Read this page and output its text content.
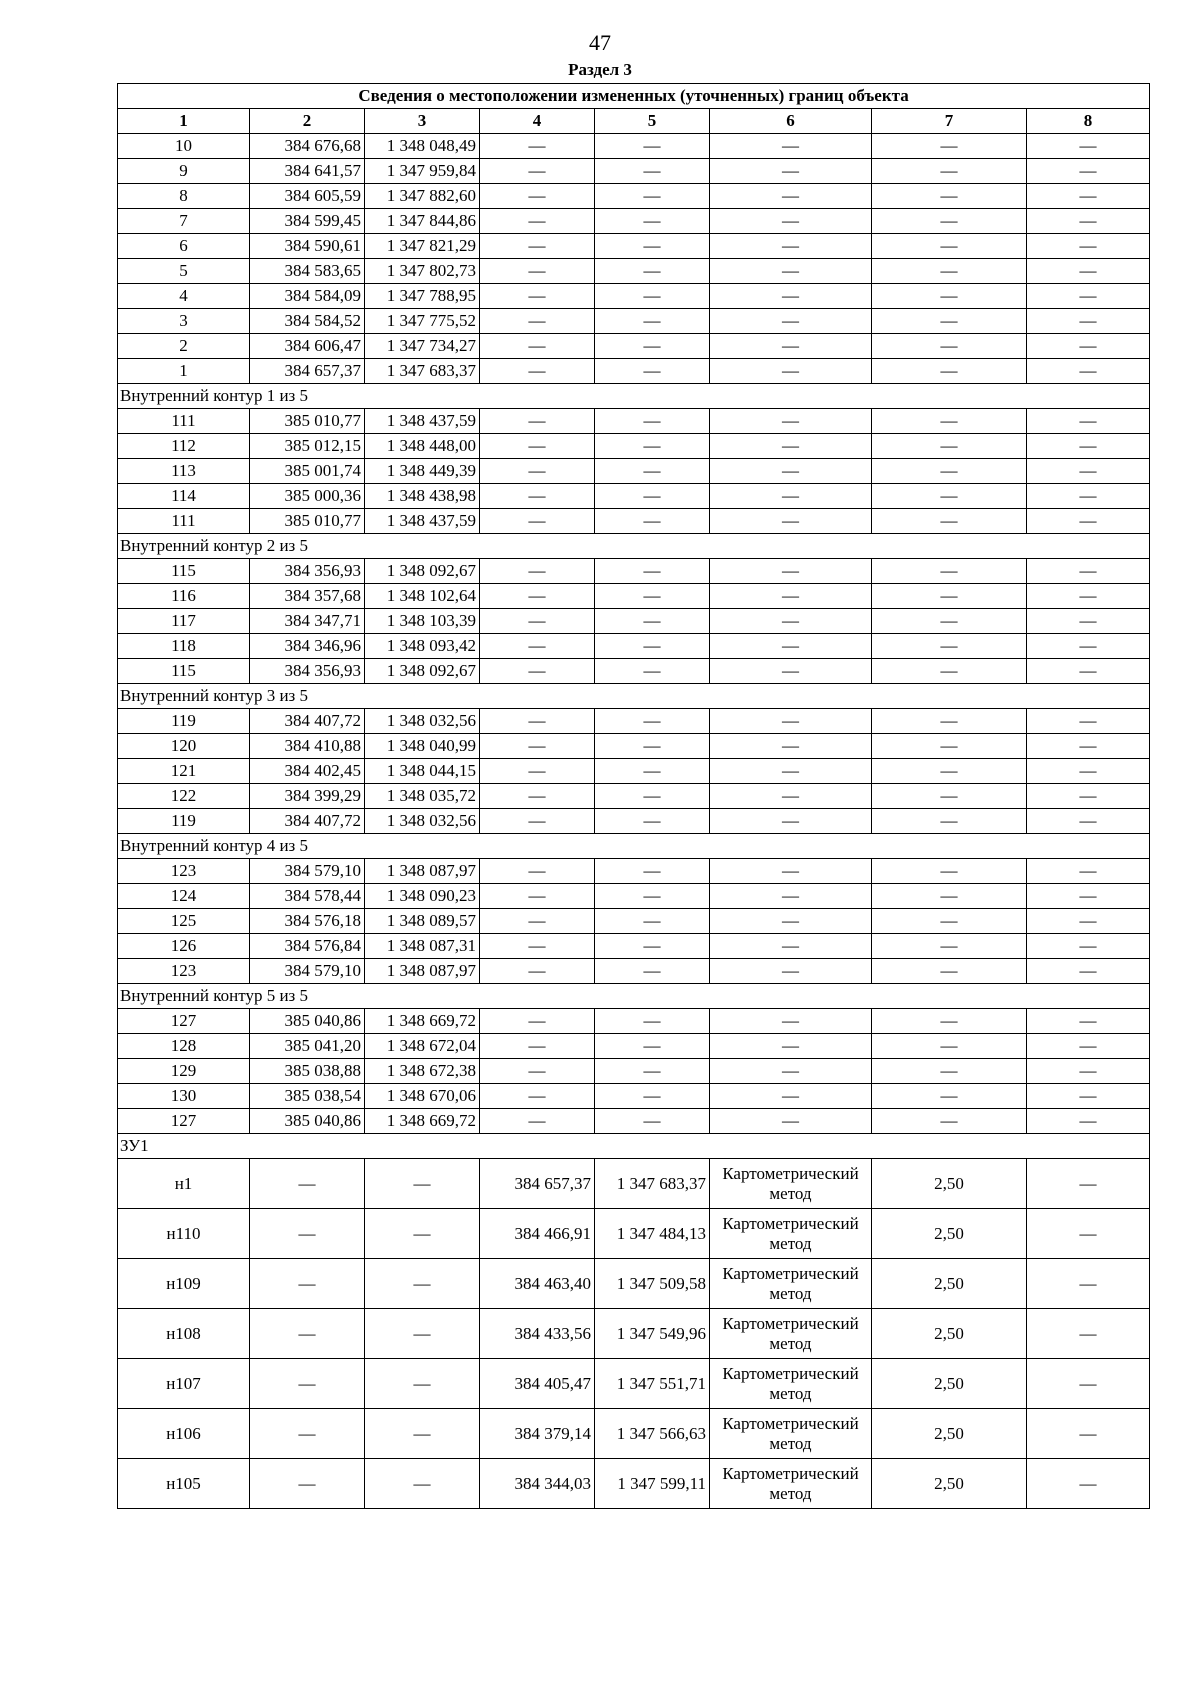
47
Раздел 3
Сведения о местоположении измененных (уточненных) границ объекта							
1	2	3	4	5	6	7	8
10	384 676,68	1 348 048,49	—	—	—	—	—
9	384 641,57	1 347 959,84	—	—	—	—	—
8	384 605,59	1 347 882,60	—	—	—	—	—
7	384 599,45	1 347 844,86	—	—	—	—	—
6	384 590,61	1 347 821,29	—	—	—	—	—
5	384 583,65	1 347 802,73	—	—	—	—	—
4	384 584,09	1 347 788,95	—	—	—	—	—
3	384 584,52	1 347 775,52	—	—	—	—	—
2	384 606,47	1 347 734,27	—	—	—	—	—
1	384 657,37	1 347 683,37	—	—	—	—	—
Внутренний контур 1 из 5							
111	385 010,77	1 348 437,59	—	—	—	—	—
112	385 012,15	1 348 448,00	—	—	—	—	—
113	385 001,74	1 348 449,39	—	—	—	—	—
114	385 000,36	1 348 438,98	—	—	—	—	—
111	385 010,77	1 348 437,59	—	—	—	—	—
Внутренний контур 2 из 5							
115	384 356,93	1 348 092,67	—	—	—	—	—
116	384 357,68	1 348 102,64	—	—	—	—	—
117	384 347,71	1 348 103,39	—	—	—	—	—
118	384 346,96	1 348 093,42	—	—	—	—	—
115	384 356,93	1 348 092,67	—	—	—	—	—
Внутренний контур 3 из 5							
119	384 407,72	1 348 032,56	—	—	—	—	—
120	384 410,88	1 348 040,99	—	—	—	—	—
121	384 402,45	1 348 044,15	—	—	—	—	—
122	384 399,29	1 348 035,72	—	—	—	—	—
119	384 407,72	1 348 032,56	—	—	—	—	—
Внутренний контур 4 из 5							
123	384 579,10	1 348 087,97	—	—	—	—	—
124	384 578,44	1 348 090,23	—	—	—	—	—
125	384 576,18	1 348 089,57	—	—	—	—	—
126	384 576,84	1 348 087,31	—	—	—	—	—
123	384 579,10	1 348 087,97	—	—	—	—	—
Внутренний контур 5 из 5							
127	385 040,86	1 348 669,72	—	—	—	—	—
128	385 041,20	1 348 672,04	—	—	—	—	—
129	385 038,88	1 348 672,38	—	—	—	—	—
130	385 038,54	1 348 670,06	—	—	—	—	—
127	385 040,86	1 348 669,72	—	—	—	—	—
ЗУ1							
н1	—	—	384 657,37	1 347 683,37	Картометрический метод	2,50	—
н110	—	—	384 466,91	1 347 484,13	Картометрический метод	2,50	—
н109	—	—	384 463,40	1 347 509,58	Картометрический метод	2,50	—
н108	—	—	384 433,56	1 347 549,96	Картометрический метод	2,50	—
н107	—	—	384 405,47	1 347 551,71	Картометрический метод	2,50	—
н106	—	—	384 379,14	1 347 566,63	Картометрический метод	2,50	—
н105	—	—	384 344,03	1 347 599,11	Картометрический метод	2,50	—
